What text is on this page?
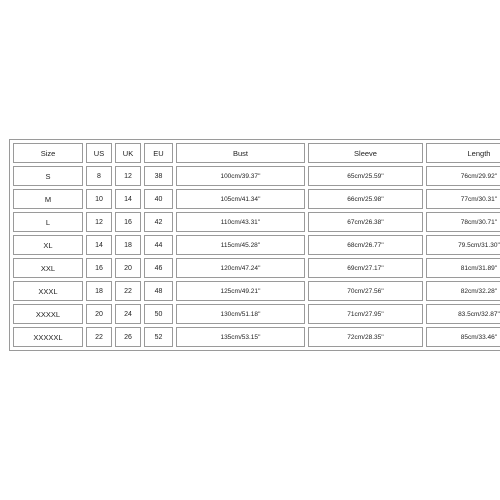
Size	US	UK	EU	Bust	Sleeve	Length
S	8	12	38	100cm/39.37''	65cm/25.59''	76cm/29.92''
M	10	14	40	105cm/41.34''	66cm/25.98''	77cm/30.31''
L	12	16	42	110cm/43.31''	67cm/26.38''	78cm/30.71''
XL	14	18	44	115cm/45.28''	68cm/26.77''	79.5cm/31.30''
XXL	16	20	46	120cm/47.24''	69cm/27.17''	81cm/31.89''
XXXL	18	22	48	125cm/49.21''	70cm/27.56''	82cm/32.28''
XXXXL	20	24	50	130cm/51.18''	71cm/27.95''	83.5cm/32.87''
XXXXXL	22	26	52	135cm/53.15''	72cm/28.35''	85cm/33.46''
